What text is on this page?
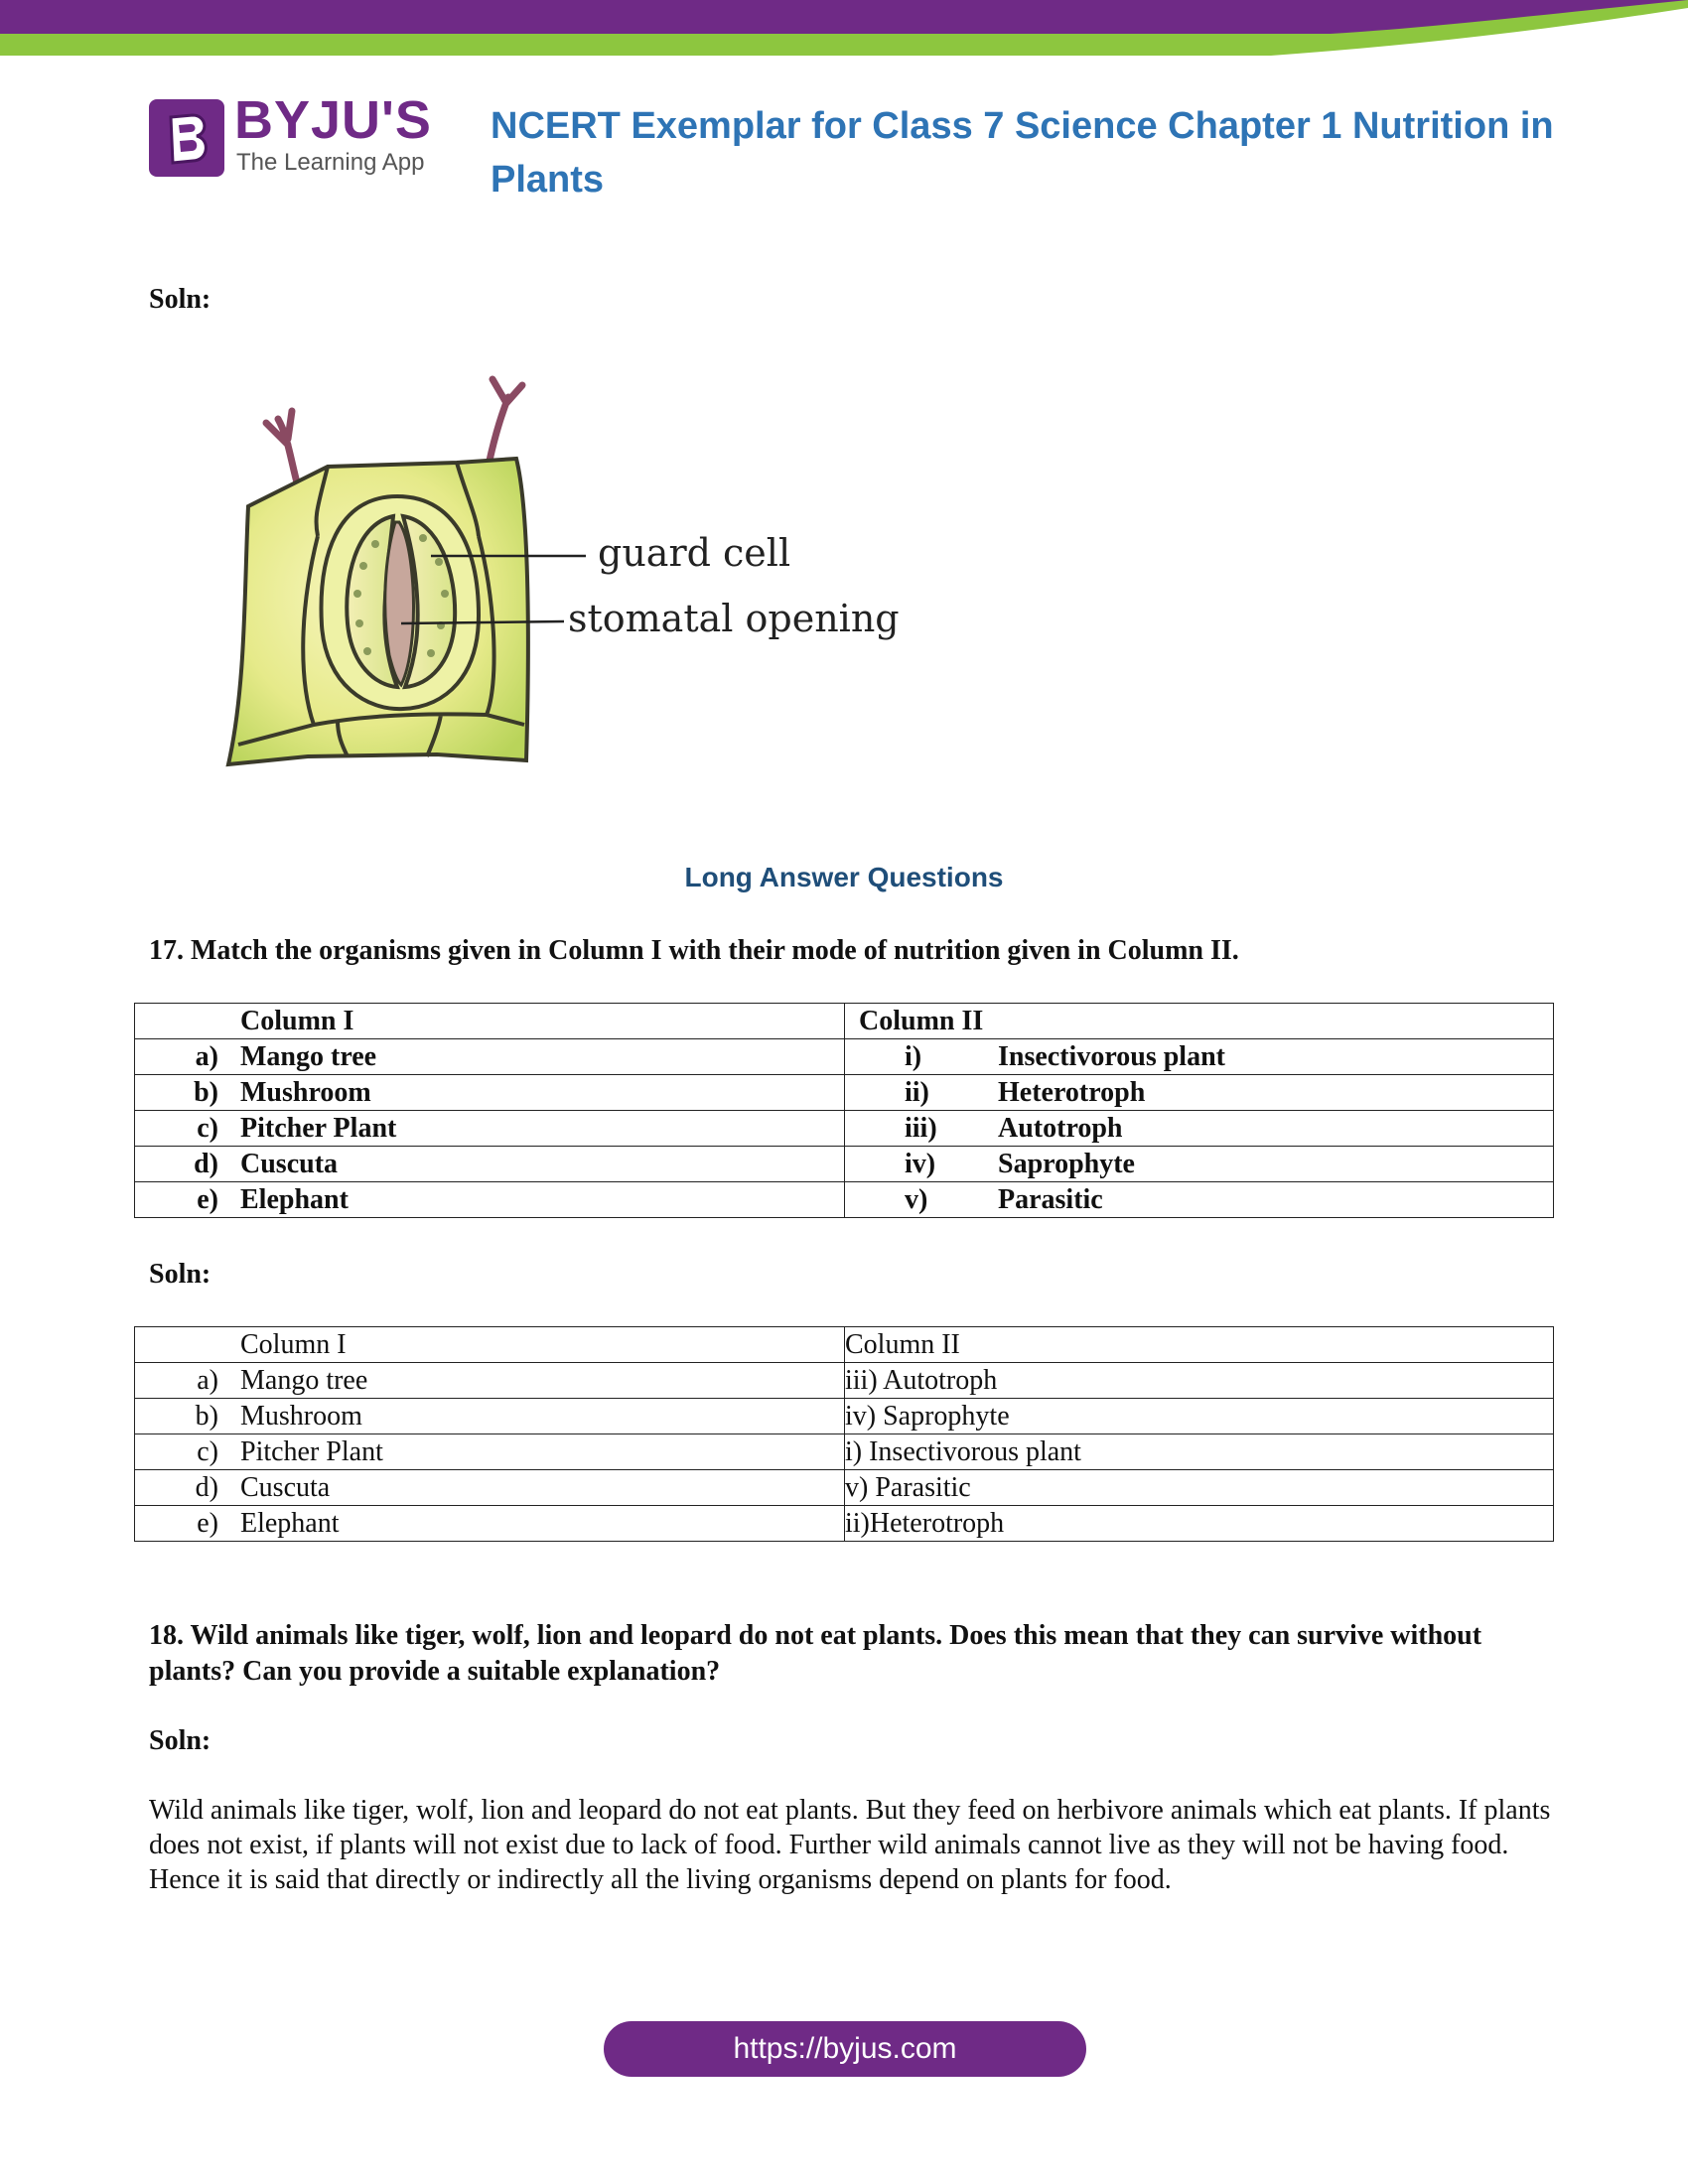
BYJU'S
The Learning App
NCERT Exemplar for Class 7 Science Chapter 1 Nutrition in Plants

Soln:

guard cell
stomatal opening
Long Answer Questions

17. Match the organisms given in Column I with their mode of nutrition given in Column II.

Column I	Column II
a) Mango tree	i) Insectivorous plant
b) Mushroom	ii) Heterotroph
c) Pitcher Plant	iii) Autotroph
d) Cuscuta	iv) Saprophyte
e) Elephant	v) Parasitic

Soln:

Column I	Column II
a) Mango tree	iii) Autotroph
b) Mushroom	iv) Saprophyte
c) Pitcher Plant	i) Insectivorous plant
d) Cuscuta	v) Parasitic
e) Elephant	ii)Heterotroph

18. Wild animals like tiger, wolf, lion and leopard do not eat plants. Does this mean that they can survive without plants? Can you provide a suitable explanation?

Soln:

Wild animals like tiger, wolf, lion and leopard do not eat plants. But they feed on herbivore animals which eat plants. If plants does not exist, if plants will not exist due to lack of food. Further wild animals cannot live as they will not be having food. Hence it is said that directly or indirectly all the living organisms depend on plants for food.

https://byjus.com
